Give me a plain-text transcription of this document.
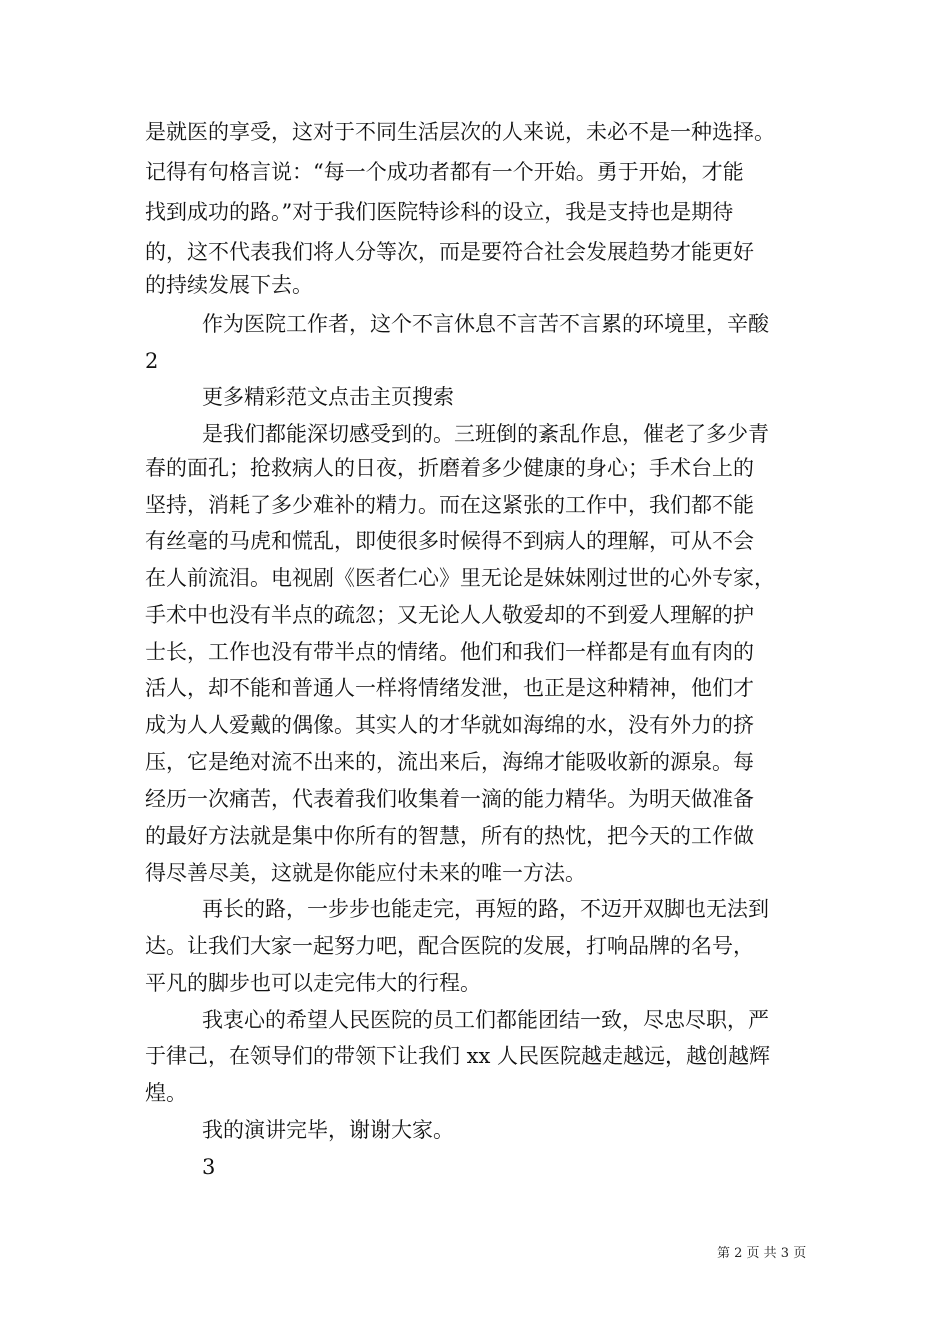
是就医的享受，这对于不同生活层次的人来说，未必不是一种选择。
记得有句格言说：“每一个成功者都有一个开始。勇于开始，才能
找到成功的路。”对于我们医院特诊科的设立，我是支持也是期待
的，这不代表我们将人分等次，而是要符合社会发展趋势才能更好
的持续发展下去。
作为医院工作者，这个不言休息不言苦不言累的环境里，辛酸
2
更多精彩范文点击主页搜索
是我们都能深切感受到的。三班倒的紊乱作息，催老了多少青
春的面孔；抢救病人的日夜，折磨着多少健康的身心；手术台上的
坚持，消耗了多少难补的精力。而在这紧张的工作中，我们都不能
有丝毫的马虎和慌乱，即使很多时候得不到病人的理解，可从不会
在人前流泪。电视剧《医者仁心》里无论是妹妹刚过世的心外专家，
手术中也没有半点的疏忽；又无论人人敬爱却的不到爱人理解的护
士长，工作也没有带半点的情绪。他们和我们一样都是有血有肉的
活人，却不能和普通人一样将情绪发泄，也正是这种精神，他们才
成为人人爱戴的偶像。其实人的才华就如海绵的水，没有外力的挤
压，它是绝对流不出来的，流出来后，海绵才能吸收新的源泉。每
经历一次痛苦，代表着我们收集着一滴的能力精华。为明天做准备
的最好方法就是集中你所有的智慧，所有的热忱，把今天的工作做
得尽善尽美，这就是你能应付未来的唯一方法。
再长的路，一步步也能走完，再短的路，不迈开双脚也无法到
达。让我们大家一起努力吧，配合医院的发展，打响品牌的名号，
平凡的脚步也可以走完伟大的行程。
我衷心的希望人民医院的员工们都能团结一致，尽忠尽职，严
于律己，在领导们的带领下让我们 xx 人民医院越走越远，越创越辉
煌。
我的演讲完毕，谢谢大家。
3
第 2 页 共 3 页
